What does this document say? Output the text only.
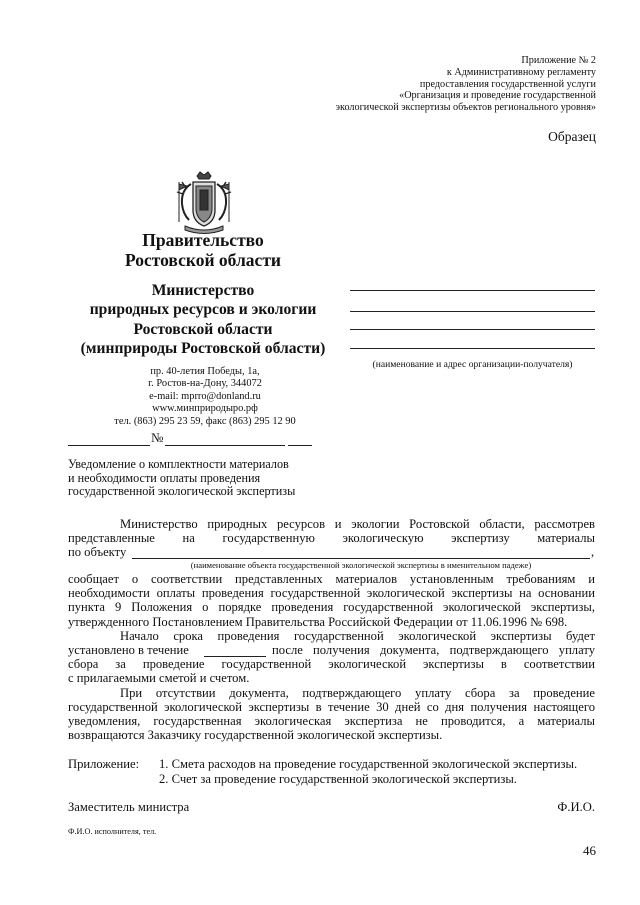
Приложение № 2
к Административному регламенту
предоставления государственной услуги
«Организация и проведение государственной
экологической экспертизы объектов регионального уровня»
Образец
Правительство
Ростовской области
Министерство
природных ресурсов и экологии
Ростовской области
(минприроды Ростовской области)
пр. 40-летия Победы, 1а,
г. Ростов-на-Дону, 344072
e-mail: mprro@donland.ru
www.минприродыро.рф
тел. (863) 295 23 59, факс (863) 295 12 90
№
(наименование и адрес организации-получателя)
Уведомление о комплектности материалов
и необходимости оплаты проведения
государственной экологической экспертизы
Министерство природных ресурсов и экологии Ростовской области, рассмотрев
представленные на государственную экологическую экспертизу материалы
по объекту	,
(наименование объекта государственной экологической экспертизы в именительном падеже)
сообщает о соответствии представленных материалов установленным требованиям и
необходимости оплаты проведения государственной экологической экспертизы на основании
пункта 9 Положения о порядке проведения государственной экологической экспертизы,
утвержденного Постановлением Правительства Российской Федерации от 11.06.1996 № 698.
Начало срока проведения государственной экологической экспертизы будет
установлено в течение	после получения документа, подтверждающего уплату
сбора за проведение государственной экологической экспертизы в соответствии
с прилагаемыми сметой и счетом.
При отсутствии документа, подтверждающего уплату сбора за проведение
государственной экологической экспертизы в течение 30 дней со дня получения настоящего
уведомления, государственная экологическая экспертиза не проводится, а материалы
возвращаются Заказчику государственной экологической экспертизы.
Приложение: 1. Смета расходов на проведение государственной экологической экспертизы.
2. Счет за проведение государственной экологической экспертизы.
Заместитель министра	Ф.И.О.
Ф.И.О. исполнителя, тел.
46
